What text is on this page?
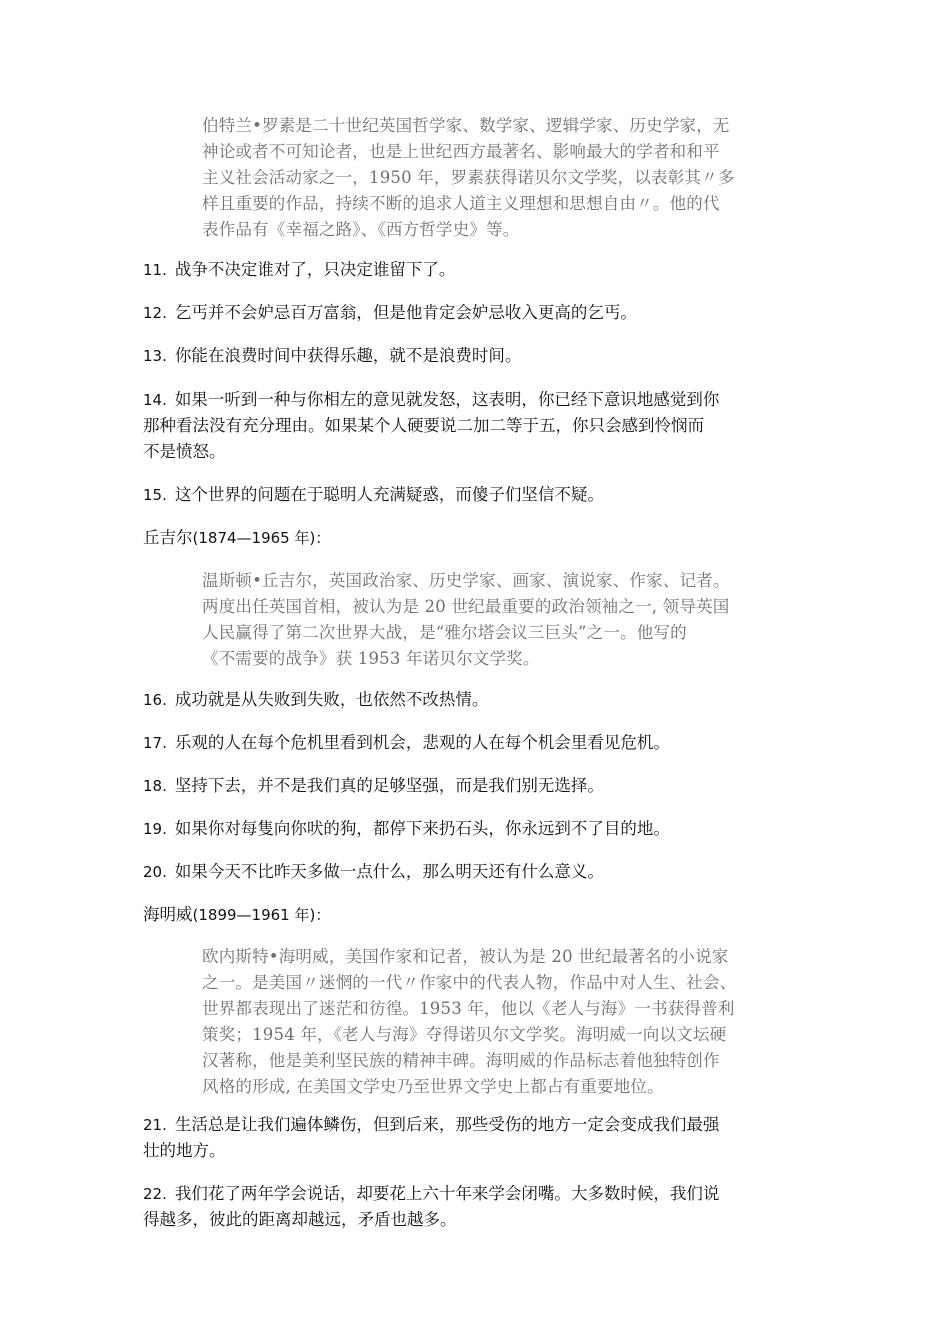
伯特兰•罗素是二十世纪英国哲学家、数学家、逻辑学家、历史学家，无
神论或者不可知论者，也是上世纪西方最著名、影响最大的学者和和平
主义社会活动家之一，1950 年，罗素获得诺贝尔文学奖，以表彰其〃多
样且重要的作品，持续不断的追求人道主义理想和思想自由〃。他的代
表作品有《幸福之路》、《西方哲学史》等。
11. 战争不决定谁对了，只决定谁留下了。
12. 乞丐并不会妒忌百万富翁，但是他肯定会妒忌收入更高的乞丐。
13. 你能在浪费时间中获得乐趣，就不是浪费时间。
14. 如果一听到一种与你相左的意见就发怒，这表明，你已经下意识地感觉到你
那种看法没有充分理由。如果某个人硬要说二加二等于五，你只会感到怜悯而
不是愤怒。
15. 这个世界的问题在于聪明人充满疑惑，而傻子们坚信不疑。
丘吉尔(1874—1965 年)：
温斯顿•丘吉尔，英国政治家、历史学家、画家、演说家、作家、记者。
两度出任英国首相，被认为是 20 世纪最重要的政治领袖之一, 领导英国
人民赢得了第二次世界大战，是“雅尔塔会议三巨头”之一。他写的
《不需要的战争》获 1953 年诺贝尔文学奖。
16. 成功就是从失败到失败，也依然不改热情。
17. 乐观的人在每个危机里看到机会，悲观的人在每个机会里看见危机。
18. 坚持下去，并不是我们真的足够坚强，而是我们别无选择。
19. 如果你对每隻向你吠的狗，都停下来扔石头，你永远到不了目的地。
20. 如果今天不比昨天多做一点什么，那么明天还有什么意义。
海明威(1899—1961 年)：
欧内斯特•海明威，美国作家和记者，被认为是 20 世纪最著名的小说家
之一。是美国〃迷惘的一代〃作家中的代表人物，作品中对人生、社会、
世界都表现出了迷茫和彷徨。1953 年，他以《老人与海》一书获得普利
策奖；1954 年，《老人与海》夺得诺贝尔文学奖。海明威一向以文坛硬
汉著称，他是美利坚民族的精神丰碑。海明威的作品标志着他独特创作
风格的形成, 在美国文学史乃至世界文学史上都占有重要地位。
21. 生活总是让我们遍体鳞伤，但到后来，那些受伤的地方一定会变成我们最强
壮的地方。
22. 我们花了两年学会说话，却要花上六十年来学会闭嘴。大多数时候，我们说
得越多，彼此的距离却越远，矛盾也越多。
